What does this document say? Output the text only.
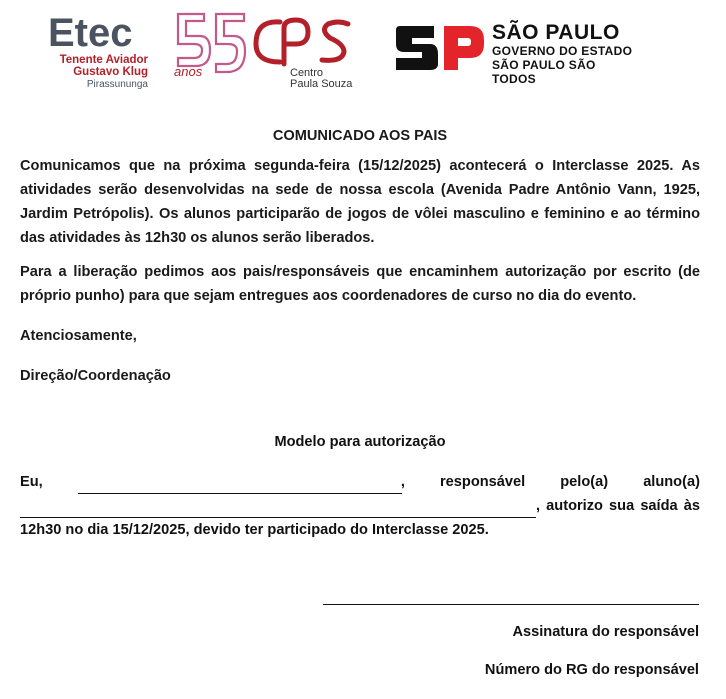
Etec
Tenente Aviador
Gustavo Klug
Pirassununga
anos	Centro
Paula Souza
SÃO PAULO
GOVERNO DO ESTADO
SÃO PAULO SÃO TODOS
COMUNICADO AOS PAIS

Comunicamos que na próxima segunda-feira (15/12/2025) acontecerá o Interclasse 2025. As atividades serão desenvolvidas na sede de nossa escola (Avenida Padre Antônio Vann, 1925, Jardim Petrópolis). Os alunos participarão de jogos de vôlei masculino e feminino e ao término das atividades às 12h30 os alunos serão liberados.

Para a liberação pedimos aos pais/responsáveis que encaminhem autorização por escrito (de próprio punho) para que sejam entregues aos coordenadores de curso no dia do evento.

Atenciosamente,
Direção/Coordenação
Modelo para autorização
Eu,	, responsável pelo(a) aluno(a)
, autorizo sua saída às
12h30 no dia 15/12/2025, devido ter participado do Interclasse 2025.
Assinatura do responsável
Número do RG do responsável
